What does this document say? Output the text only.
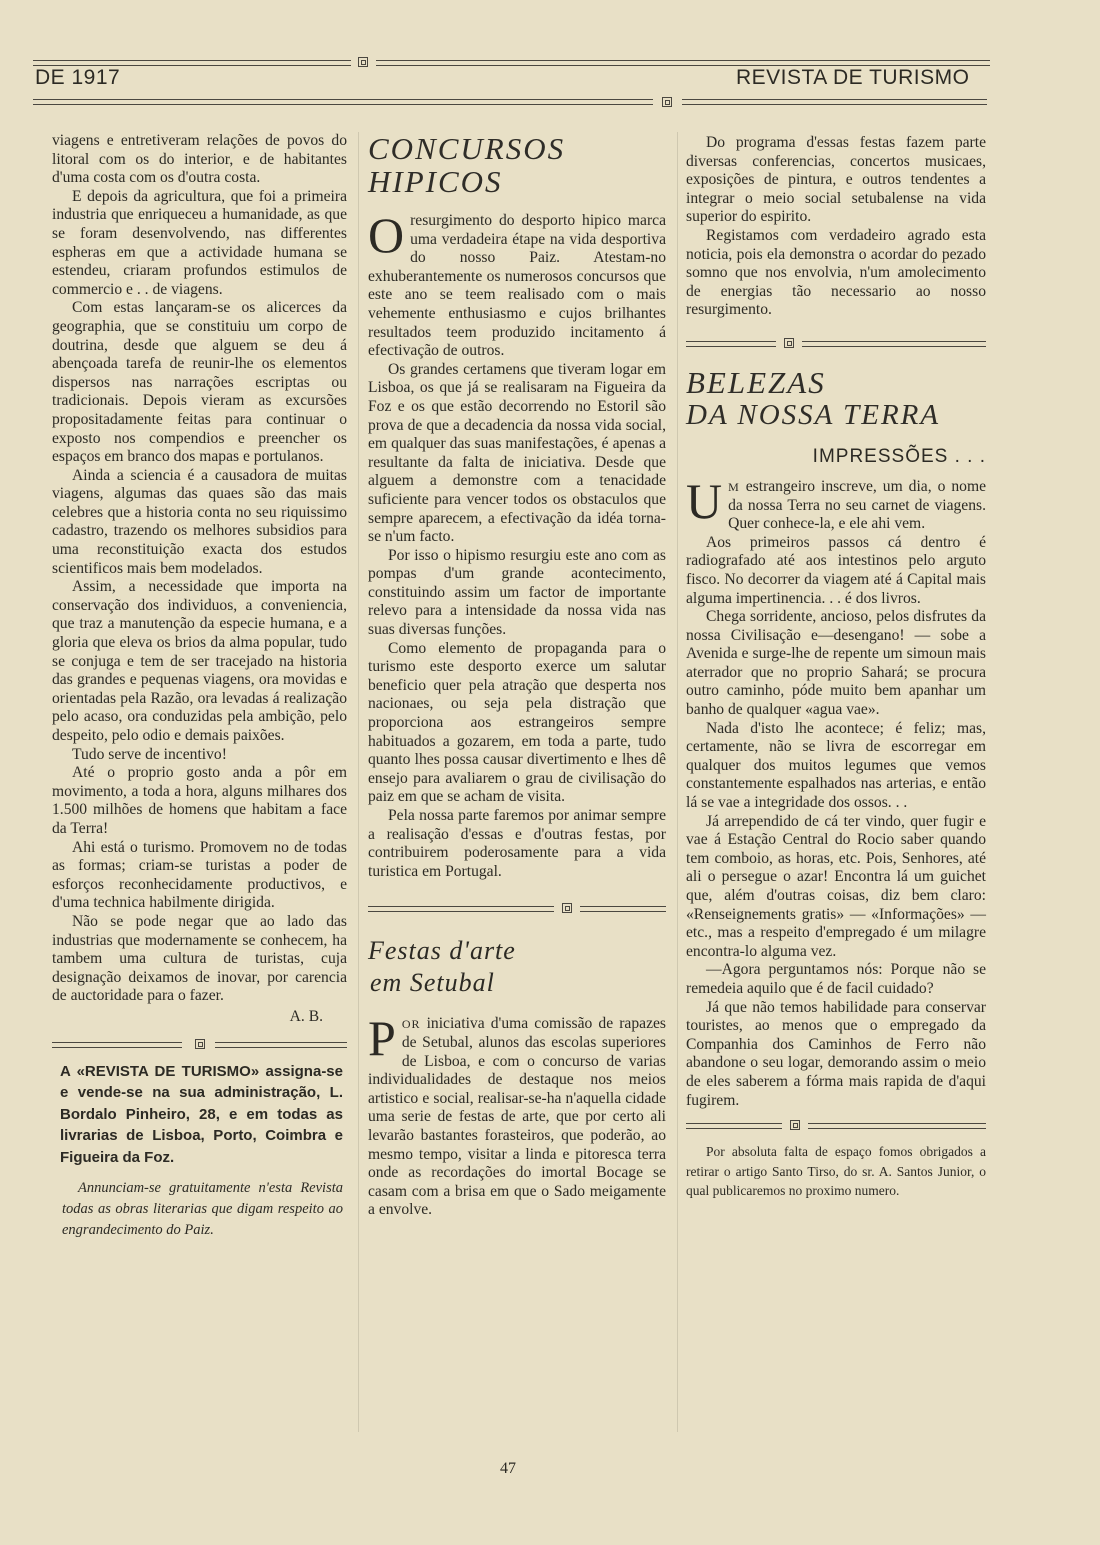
DE 1917	REVISTA DE TURISMO

viagens e entretiveram relações de povos do litoral com os do interior, e de habitantes d'uma costa com os d'outra costa.

E depois da agricultura, que foi a primeira industria que enriqueceu a humanidade, as que se foram desenvolvendo, nas differentes espheras em que a actividade humana se estendeu, criaram profundos estimulos de commercio e . . de viagens.

Com estas lançaram-se os alicerces da geographia, que se constituiu um corpo de doutrina, desde que alguem se deu á abençoada tarefa de reunir-lhe os elementos dispersos nas narrações escriptas ou tradicionais. Depois vieram as excursões propositadamente feitas para continuar o exposto nos compendios e preencher os espaços em branco dos mapas e portulanos.

Ainda a sciencia é a causadora de muitas viagens, algumas das quaes são das mais celebres que a historia conta no seu riquissimo cadastro, trazendo os melhores subsidios para uma reconstituição exacta dos estudos scientificos mais bem modelados.

Assim, a necessidade que importa na conservação dos individuos, a conveniencia, que traz a manutenção da especie humana, e a gloria que eleva os brios da alma popular, tudo se conjuga e tem de ser tracejado na historia das grandes e pequenas viagens, ora movidas e orientadas pela Razão, ora levadas á realização pelo acaso, ora conduzidas pela ambição, pelo despeito, pelo odio e demais paixões.

Tudo serve de incentivo!

Até o proprio gosto anda a pôr em movimento, a toda a hora, alguns milhares dos 1.500 milhões de homens que habitam a face da Terra!

Ahi está o turismo. Promovem no de todas as formas; criam-se turistas a poder de esforços reconhecidamente productivos, e d'uma technica habilmente dirigida.

Não se pode negar que ao lado das industrias que modernamente se conhecem, ha tambem uma cultura de turistas, cuja designação deixamos de inovar, por carencia de auctoridade para o fazer.

A. B.

A «REVISTA DE TURISMO» assigna-se e vende-se na sua administração, L. Bordalo Pinheiro, 28, e em todas as livrarias de Lisboa, Porto, Coimbra e Figueira da Foz.

Annunciam-se gratuitamente n'esta Revista todas as obras literarias que digam respeito ao engrandecimento do Paiz.
CONCURSOS
HIPICOS

Oresurgimento do desporto hipico marca uma verdadeira étape na vida desportiva do nosso Paiz. Atestam-no exhuberantemente os numerosos concursos que este ano se teem realisado com o mais vehemente enthusiasmo e cujos brilhantes resultados teem produzido incitamento á efectivação de outros.

Os grandes certamens que tiveram logar em Lisboa, os que já se realisaram na Figueira da Foz e os que estão decorrendo no Estoril são prova de que a decadencia da nossa vida social, em qualquer das suas manifestações, é apenas a resultante da falta de iniciativa. Desde que alguem a demonstre com a tenacidade suficiente para vencer todos os obstaculos que sempre aparecem, a efectivação da idéa torna-se n'um facto.

Por isso o hipismo resurgiu este ano com as pompas d'um grande acontecimento, constituindo assim um factor de importante relevo para a intensidade da nossa vida nas suas diversas funções.

Como elemento de propaganda para o turismo este desporto exerce um salutar beneficio quer pela atração que desperta nos nacionaes, ou seja pela distração que proporciona aos estrangeiros sempre habituados a gozarem, em toda a parte, tudo quanto lhes possa causar divertimento e lhes dê ensejo para avaliarem o grau de civilisação do paiz em que se acham de visita.

Pela nossa parte faremos por animar sempre a realisação d'essas e d'outras festas, por contribuirem poderosamente para a vida turistica em Portugal.

Festas d'arte
em Setubal

POR iniciativa d'uma comissão de rapazes de Setubal, alunos das escolas superiores de Lisboa, e com o concurso de varias individualidades de destaque nos meios artistico e social, realisar-se-ha n'aquella cidade uma serie de festas de arte, que por certo ali levarão bastantes forasteiros, que poderão, ao mesmo tempo, visitar a linda e pitoresca terra onde as recordações do imortal Bocage se casam com a brisa em que o Sado meigamente a envolve.

Do programa d'essas festas fazem parte diversas conferencias, concertos musicaes, exposições de pintura, e outros tendentes a integrar o meio social setubalense na vida superior do espirito.

Registamos com verdadeiro agrado esta noticia, pois ela demonstra o acordar do pezado somno que nos envolvia, n'um amolecimento de energias tão necessario ao nosso resurgimento.

BELEZAS
DA NOSSA TERRA
IMPRESSÕES . . .

U M estrangeiro inscreve, um dia, o nome da nossa Terra no seu carnet de viagens. Quer conhece-la, e ele ahi vem.

Aos primeiros passos cá dentro é radiografado até aos intestinos pelo arguto fisco. No decorrer da viagem até á Capital mais alguma impertinencia. . . é dos livros.

Chega sorridente, ancioso, pelos disfrutes da nossa Civilisação e—desengano! — sobe a Avenida e surge-lhe de repente um simoun mais aterrador que no proprio Sahará; se procura outro caminho, póde muito bem apanhar um banho de qualquer «agua vae».

Nada d'isto lhe acontece; é feliz; mas, certamente, não se livra de escorregar em qualquer dos muitos legumes que vemos constantemente espalhados nas arterias, e então lá se vae a integridade dos ossos. . .

Já arrependido de cá ter vindo, quer fugir e vae á Estação Central do Rocio saber quando tem comboio, as horas, etc. Pois, Senhores, até ali o persegue o azar! Encontra lá um guichet que, além d'outras coisas, diz bem claro: «Renseignements gratis» — «Informações» — etc., mas a respeito d'empregado é um milagre encontra-lo alguma vez.

—Agora perguntamos nós: Porque não se remedeia aquilo que é de facil cuidado?

Já que não temos habilidade para conservar touristes, ao menos que o empregado da Companhia dos Caminhos de Ferro não abandone o seu logar, demorando assim o meio de eles saberem a fórma mais rapida de d'aqui fugirem.

Por absoluta falta de espaço fomos obrigados a retirar o artigo Santo Tirso, do sr. A. Santos Junior, o qual publicaremos no proximo numero.
47
